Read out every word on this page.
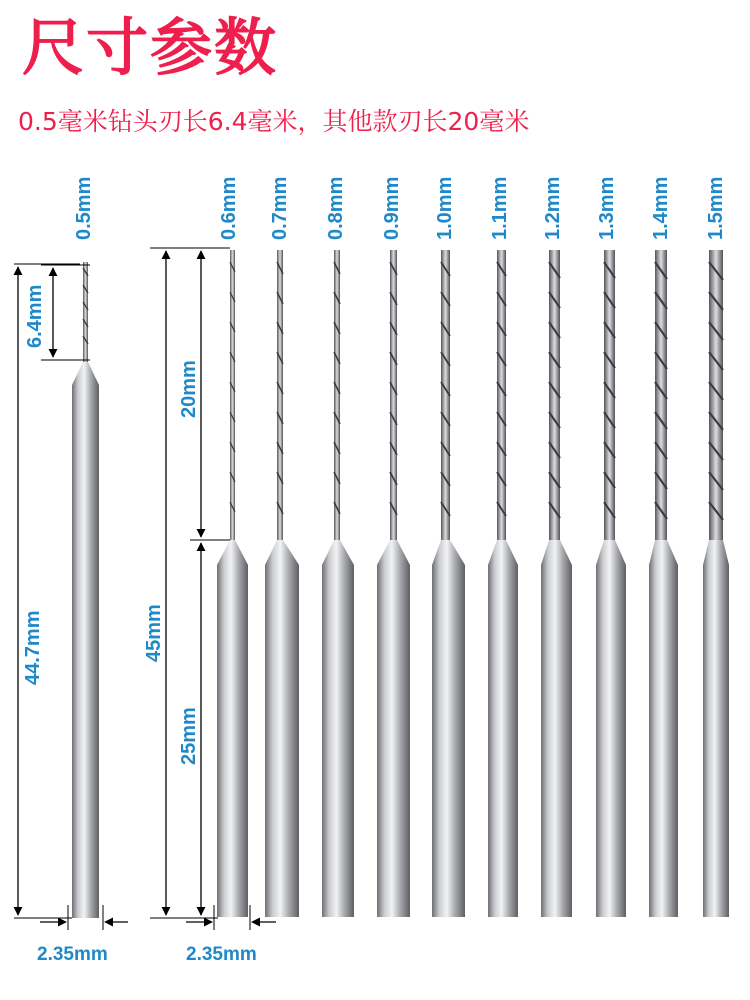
尺寸参数
0.5毫米钻头刃长6.4毫米，其他款刃长20毫米
0.5mm	0.6mm 0.7mm 0.8mm 0.9mm 1.0mm 1.1mm 1.2mm 1.3mm 1.4mm 1.5mm
6.4mm
44.7mm
20mm
45mm
25mm
2.35mm	2.35mm
